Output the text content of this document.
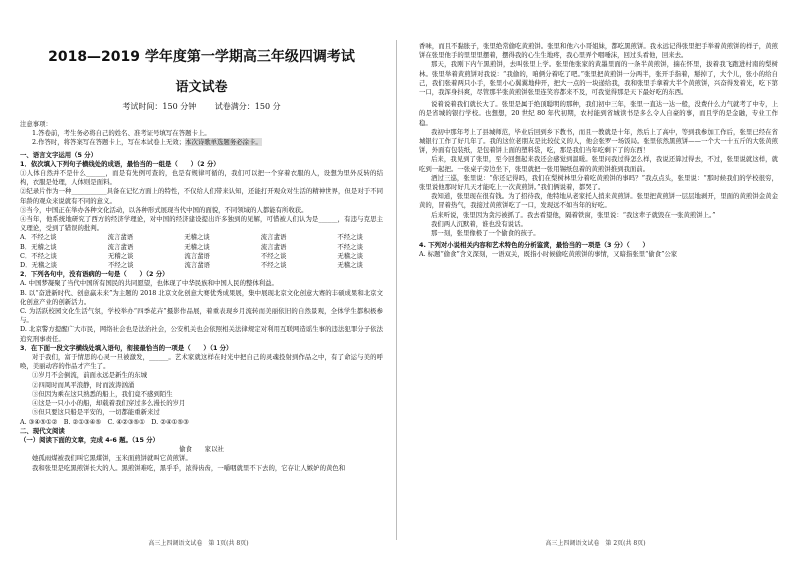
2018—2019 学年度第一学期高三年级四调考试

语文试卷

考试时间：150 分钟 试卷满分：150 分

注意事项：

1.答卷前，考生务必将自己的姓名、准考证号填写在答题卡上。

2.作答时，将答案写在答题卡上，写在本试卷上无效；本次诗歌单选题务必涂卡。

一、语言文字运用（5 分）

1．依次填入下列句子横线处的成语，最恰当的一组是（　　）（2 分）

①人体自然并不是什么______，而是有先例可查的，也是有规律可循的，我们可以把一个穿着衣服的人，设想为里外反转的结构，衣服是处理，人体则是面料。

②纪录片作为一种___________具备在记忆方面上的特性，不仅给人们带来认知，还能打开观众对生活的精神世界，但是对于不同年龄的观众来说就有不同的意义。

③当今，中国正在举办各种文化活动，以各种形式展现当代中国的面貌，不同领域的人都能有所收获。

④当年，他系统地研究了西方的经济学理论，对中国的经济建设提出许多独到的见解，可惜被人们认为是______，有违与克思主义理论，受到了错误的批判。

A．不经之谈	流言蜚语	无稽之谈	流言蜚语	不经之谈
B．无稽之谈	流言蜚语	无稽之谈	流言蜚语	不经之谈
C．不经之谈	无稽之谈	流言蜚语	不经之谈	无稽之谈
D．无稽之谈	不经之谈	流言蜚语	不经之谈	无稽之谈

2．下列各句中，没有语病的一句是（　　）（2 分）

A. 中国梦凝聚了当代中国所有国民的共同愿望，也体现了中华民族和中国人民的整体利益。

B. 以“奋进新时代、创意赢未来”为主题的 2018 北京文化创意大赛优秀成果展，集中展现北京文化创意大赛的丰硕成果和北京文化创意产业的创新活力。

C. 为活跃校园文化生活气氛，学校举办“四季花卉”摄影作品展，着重表现乡月流转而美丽依旧的自然景观，全体学生都积极参与。

D. 北京警方提醒广大市民，网络社会也是法治社会，公安机关也会依照相关法律规定对利用互联网造谣生事的违法犯罪分子依法追究刑事责任。

3．在下面一段文字横线处填入语句，衔接最恰当的一项是（　　）（1 分）

对于我们，富于情思的心灵一旦被激发，______。艺术家就这样在时光中把自己的灵魂投射到作品之中，有了命运与美的呼唤，美丽动容的作品才产生了。

①岁月不会倒流，前面永远是新生的东城

②四周时而风平浪静，时而波涛汹涌

③但因为乘在这只熟悉的船上，我们竟不感到陌生

④这是一只小小的船，却载着我们穿过多么漫长的岁月

⑤但只要这只船是平安的，一切都能重新来过

A. ③④⑤①②　B. ②①③④⑤　C. ④②③⑤①　D. ②④①⑤③

二、现代文阅读

（一）阅读下面的文章，完成 4-6 题。（15 分）

偷食　　家以社

她孤雨煤被我们叫它黑煤饼，玉米面煎饼就叫它黄煎饼。

我和张里是吃黑煎饼长大的人。黑煎饼难吃，黑乎乎，浓得齿齿，一嚼咽就里不下去的，它存让人嫉妒的黄色和

高三上四调语文试卷　第 1页(共 8页)

香味，而且不黏胀子，张里绝常偷吃黄煎饼。张里和他六小哥姐妹，都吃黑煎饼。我永远记得张里把手举着黄煎饼的样子，黄煎饼在张里他手的里里里摆着，摆得我的心生生地疼，我心里弄个咽唾沫，回过头看他，回来去。

那天，我刚下内午黑煎饼，去叫张里上学。张里他张家的黄墨里面的一条半黄煎饼，揣在怀里，拔着我飞跑进村南的梨树林。张里举着黄煎饼对我说：“我偷的，咱俩分着吃了吧。”张里把黄煎饼一分两半，张开手指着，掰掉了，大个儿，张小的给自己，我们张着两只小手，张里小心翼翼地伸开，把大一点的一块递给我，我和张里手拿着大半个黄煎饼，兴奋得发着光，吃下第一口，我浑身抖爽，尽管那半张黄煎饼张里连笑容都来不及，可我觉得那是天下最好吃的东西。

说着说着我们就长大了。张里是属于绝顶聪明的那种，我们初中三年，张里一直达一达一般，没费什么力气就考了中专，上的是省城的银行学校。也想想，20 世纪 80 年代初期，农村能到省城读书是多么令人自豪的事，而且学的是金融，专业工作稳。

我初中那年考上了县城师范，毕业后回到乡下教书，而且一教就是十年，然后上了高中，等到我参加工作后，张里已经在省城银行工作了好几年了。我的这位老朋友是比较仗义的人，他会张罗一场饭局。张里依然黑煎饼——一个大一十五斤的大张黄煎饼，外面有包装纸，是包着饼上面的塑料袋，吃，那是我们当年吃剩下了的东西！

后来，我见到了张里，至今回想起来我还会感觉到温暖。张里问我过得怎么样，我说还算过得去，不过，张里说就这样，就吃到一起把。一张桌子旁边坐下，张里就把一张用锡纸包着的黄煎饼推到我面前。

酒过三巡，张里说：“你还记得吗，我们在梨树林里分着吃黄煎饼的事吗？”我点点头，张里说：“那时候我们的学校很穷，张里说他那时好几天才能吃上一次黄煎饼。”我们俩说着，都哭了。

我知道，张里现在很有钱。为了招待我，他特地从老家托人捎来黄煎饼。张里把黄煎饼一层层地剥开，里面的黄煎饼金黄金黄的，冒着热气，我接过黄煎饼吃了一口，发现远不如当年的好吃。

后来听说，张里因为贪污被抓了。我去看望他，隔着铁窗，张里说：“我这辈子就毁在一张黄煎饼上。”

我们两人沉默着，谁也没有说话。

那一刻，张里像极了一个偷食的孩子。

4. 下列对小说相关内容和艺术特色的分析鉴赏，最恰当的一项是（3 分）（　　）

A. 标题“偷食”含义深刻，一语双关，既指小时候偷吃黄煎饼的事情，又暗指张里“偷食”公家

高三上四调语文试卷　第 2页(共 8页)
